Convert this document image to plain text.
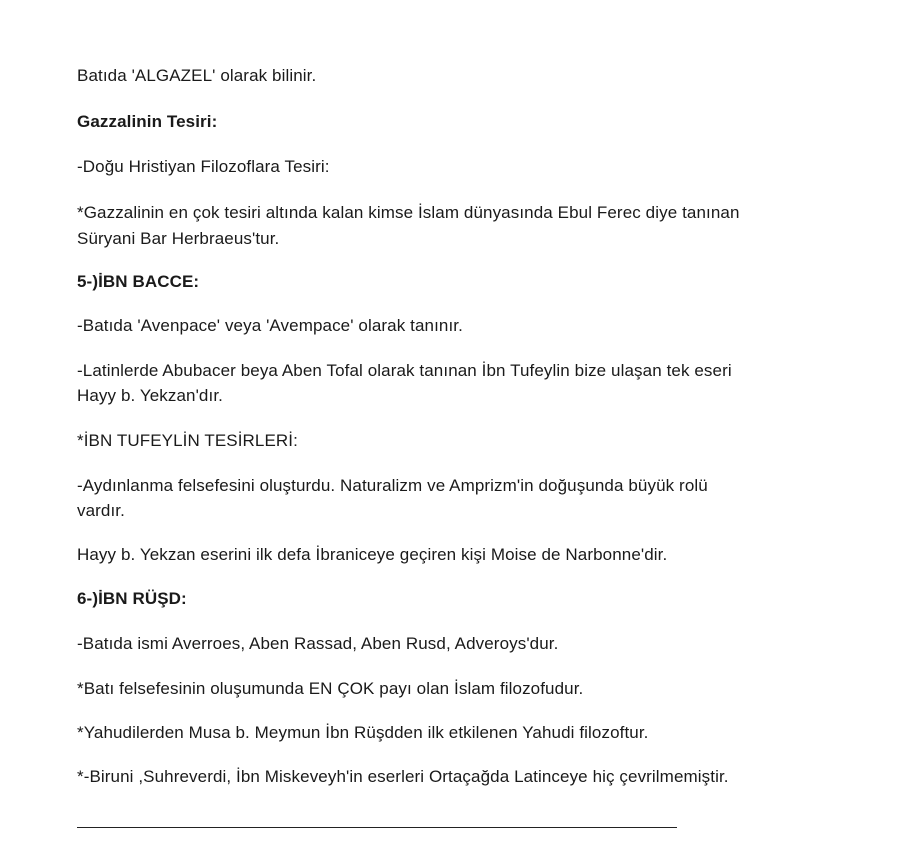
Batıda 'ALGAZEL' olarak bilinir.
Gazzalinin Tesiri:
-Doğu Hristiyan Filozoflara Tesiri:
*Gazzalinin en çok tesiri altında kalan kimse İslam dünyasında Ebul Ferec diye tanınan
Süryani Bar Herbraeus'tur.
5-)İBN BACCE:
-Batıda 'Avenpace' veya 'Avempace' olarak tanınır.
-Latinlerde Abubacer beya Aben Tofal olarak tanınan İbn Tufeylin bize ulaşan tek eseri
Hayy b. Yekzan'dır.
*İBN TUFEYLİN TESİRLERİ:
-Aydınlanma felsefesini oluşturdu. Naturalizm ve Amprizm'in doğuşunda büyük rolü
vardır.
Hayy b. Yekzan eserini ilk defa İbraniceye geçiren kişi Moise de Narbonne'dir.
6-)İBN RÜŞD:
-Batıda ismi Averroes, Aben Rassad, Aben Rusd, Adveroys'dur.
*Batı felsefesinin oluşumunda EN ÇOK payı olan İslam filozofudur.
*Yahudilerden Musa b. Meymun İbn Rüşdden ilk etkilenen Yahudi filozoftur.
*-Biruni ,Suhreverdi, İbn Miskeveyh'in eserleri Ortaçağda Latinceye hiç çevrilmemiştir.
